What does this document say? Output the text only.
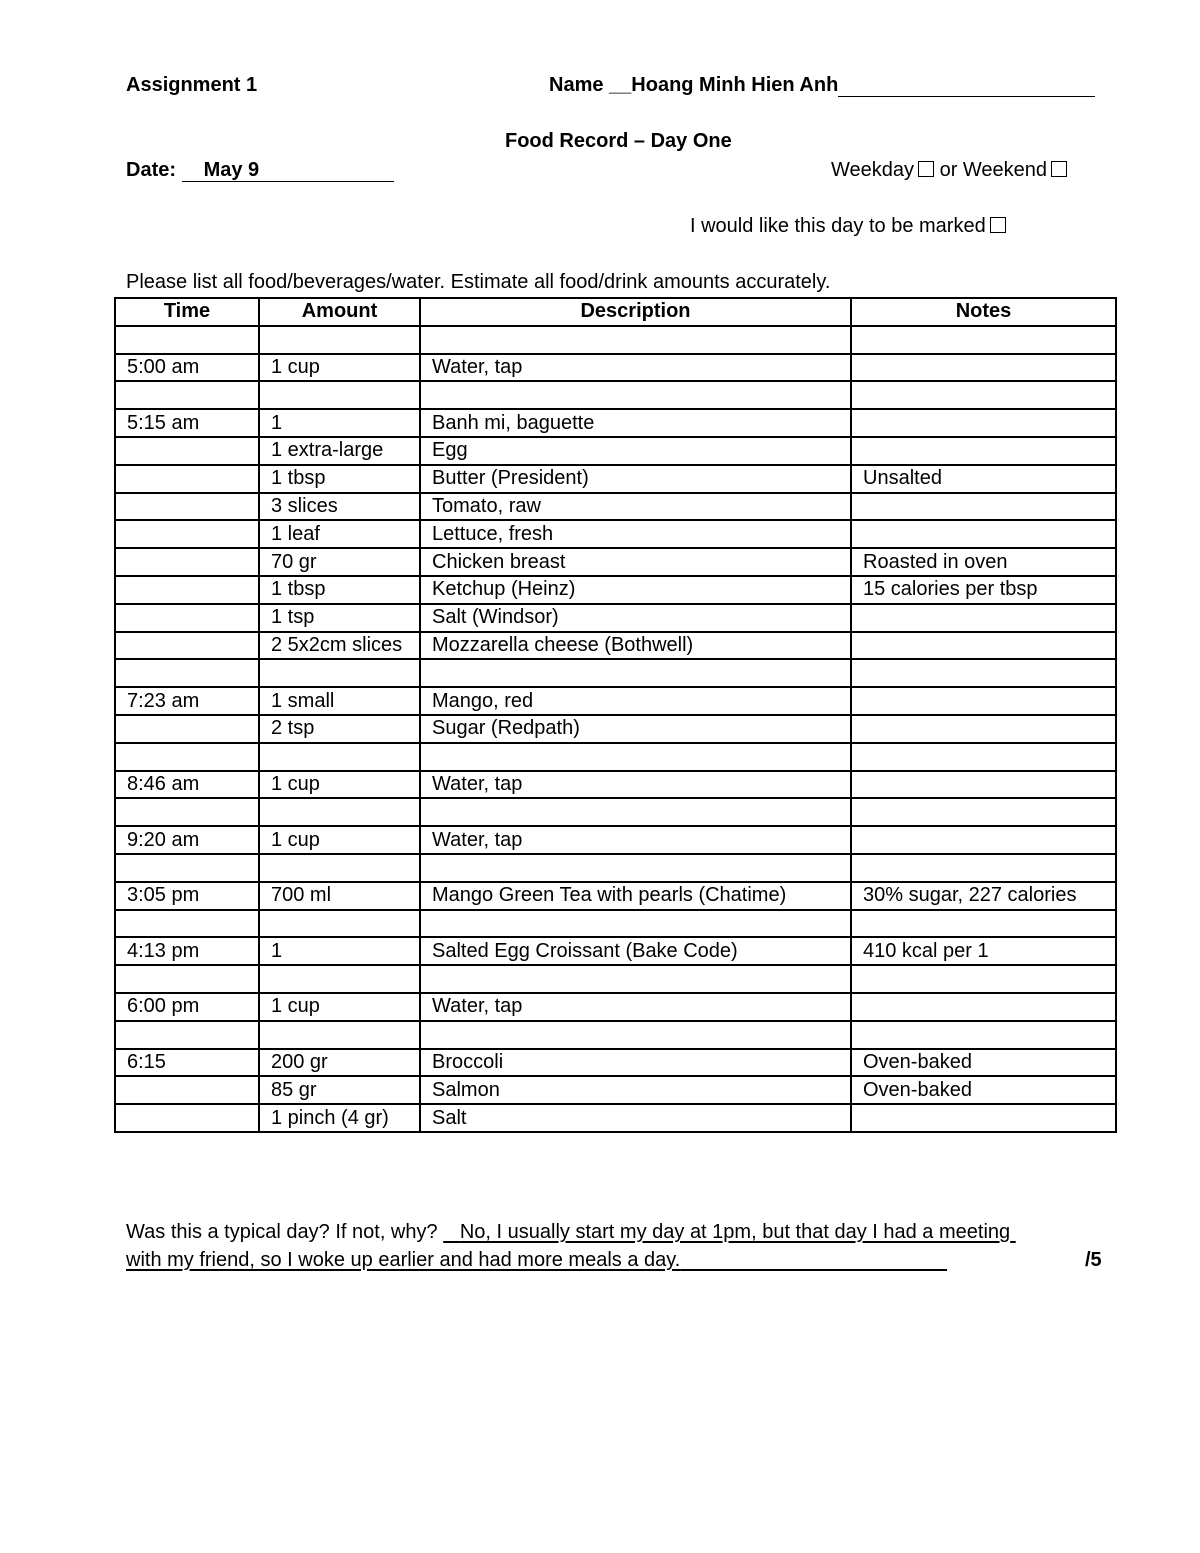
Assignment 1	Name __Hoang Minh Hien Anh
Food Record – Day One
Date: May 9	Weekday or Weekend
I would like this day to be marked
Please list all food/beverages/water. Estimate all food/drink amounts accurately.
Time	Amount	Description	Notes

5:00 am	1 cup	Water, tap	

5:15 am	1	Banh mi, baguette	
	1 extra-large	Egg	
	1 tbsp	Butter (President)	Unsalted
	3 slices	Tomato, raw	
	1 leaf	Lettuce, fresh	
	70 gr	Chicken breast	Roasted in oven
	1 tbsp	Ketchup (Heinz)	15 calories per tbsp
	1 tsp	Salt (Windsor)	
	2 5x2cm slices	Mozzarella cheese (Bothwell)	

7:23 am	1 small	Mango, red	
	2 tsp	Sugar (Redpath)	

8:46 am	1 cup	Water, tap	

9:20 am	1 cup	Water, tap	

3:05 pm	700 ml	Mango Green Tea with pearls (Chatime)	30% sugar, 227 calories

4:13 pm	1	Salted Egg Croissant (Bake Code)	410 kcal per 1

6:00 pm	1 cup	Water, tap	

6:15	200 gr	Broccoli	Oven-baked
	85 gr	Salmon	Oven-baked
	1 pinch (4 gr)	Salt	
Was this a typical day? If not, why?    No, I usually start my day at 1pm, but that day I had a meeting
with my friend, so I woke up earlier and had more meals a day.	/5
